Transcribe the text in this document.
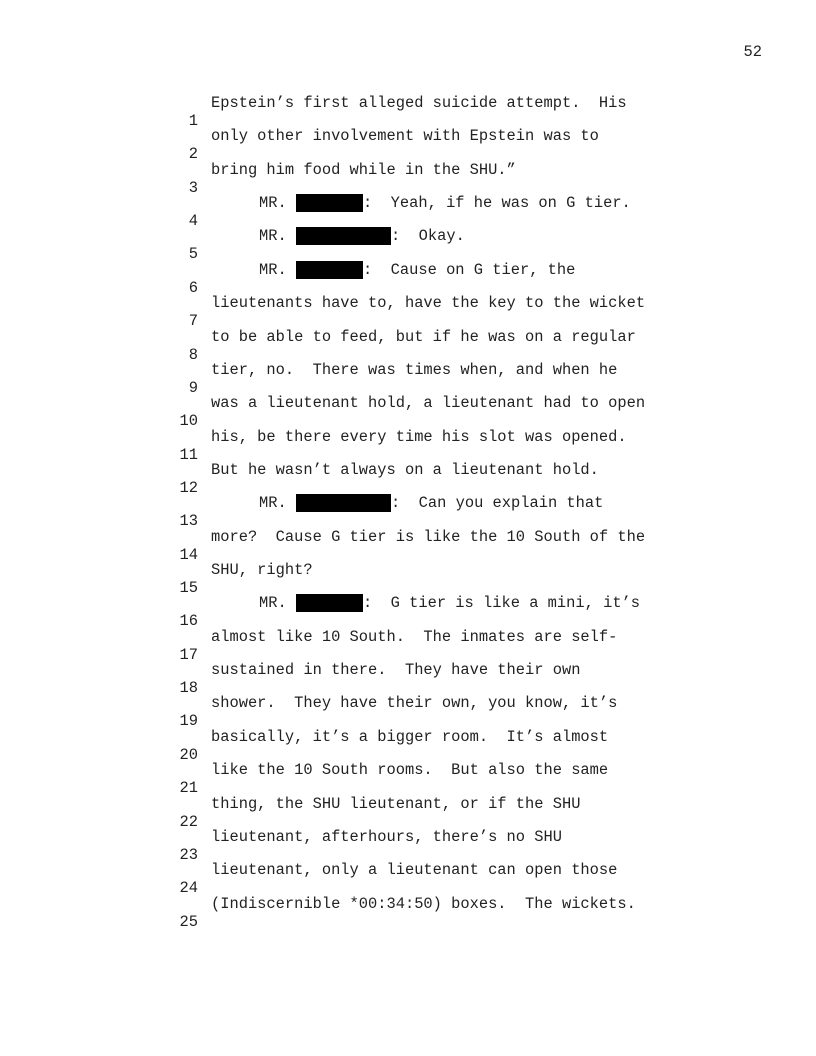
52

1

Epstein’s first alleged suicide attempt.  His

2

only other involvement with Epstein was to

3

bring him food while in the SHU.”

4

MR.	:  Yeah, if he was on G tier.

5

MR.	:  Okay.

6

MR.	:  Cause on G tier, the

7

lieutenants have to, have the key to the wicket

8

to be able to feed, but if he was on a regular

9

tier, no.  There was times when, and when he

10

was a lieutenant hold, a lieutenant had to open

11

his, be there every time his slot was opened.

12

But he wasn’t always on a lieutenant hold.

13

MR.	:  Can you explain that

14

more?  Cause G tier is like the 10 South of the

15

SHU, right?

16

MR.	:  G tier is like a mini, it’s

17

almost like 10 South.  The inmates are self-

18

sustained in there.  They have their own

19

shower.  They have their own, you know, it’s

20

basically, it’s a bigger room.  It’s almost

21

like the 10 South rooms.  But also the same

22

thing, the SHU lieutenant, or if the SHU

23

lieutenant, afterhours, there’s no SHU

24

lieutenant, only a lieutenant can open those

25

(Indiscernible *00:34:50) boxes.  The wickets.
